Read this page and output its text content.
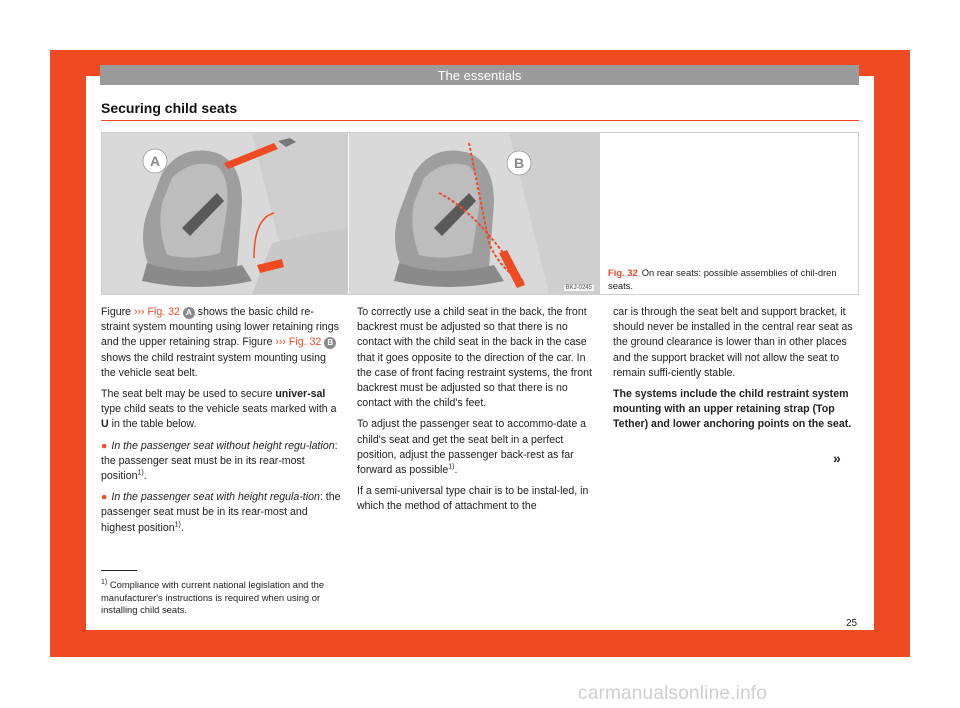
The essentials
Securing child seats
A	B
BKJ-0245
Fig. 32 On rear seats: possible assemblies of chil-dren seats.

Figure ››› Fig. 32 A shows the basic child re-straint system mounting using lower retaining rings and the upper retaining strap. Figure ››› Fig. 32 B shows the child restraint system mounting using the vehicle seat belt.

The seat belt may be used to secure univer-sal type child seats to the vehicle seats marked with a U in the table below.

● In the passenger seat without height regu-lation: the passenger seat must be in its rear-most position$^{1)}$.

● In the passenger seat with height regula-tion: the passenger seat must be in its rear-most and highest position$^{1)}$.

To correctly use a child seat in the back, the front backrest must be adjusted so that there is no contact with the child seat in the back in the case that it goes opposite to the direction of the car. In the case of front facing restraint systems, the front backrest must be adjusted so that there is no contact with the child's feet.

To adjust the passenger seat to accommo-date a child's seat and get the seat belt in a perfect position, adjust the passenger back-rest as far forward as possible$^{1)}$.

If a semi-universal type chair is to be instal-led, in which the method of attachment to the

car is through the seat belt and support bracket, it should never be installed in the central rear seat as the ground clearance is lower than in other places and the support bracket will not allow the seat to remain suffi-ciently stable.

The systems include the child restraint system mounting with an upper retaining strap (Top Tether) and lower anchoring points on the seat.

»
$^{1)}$ Compliance with current national legislation and the manufacturer's instructions is required when using or installing child seats.
25
carmanualsonline.info
